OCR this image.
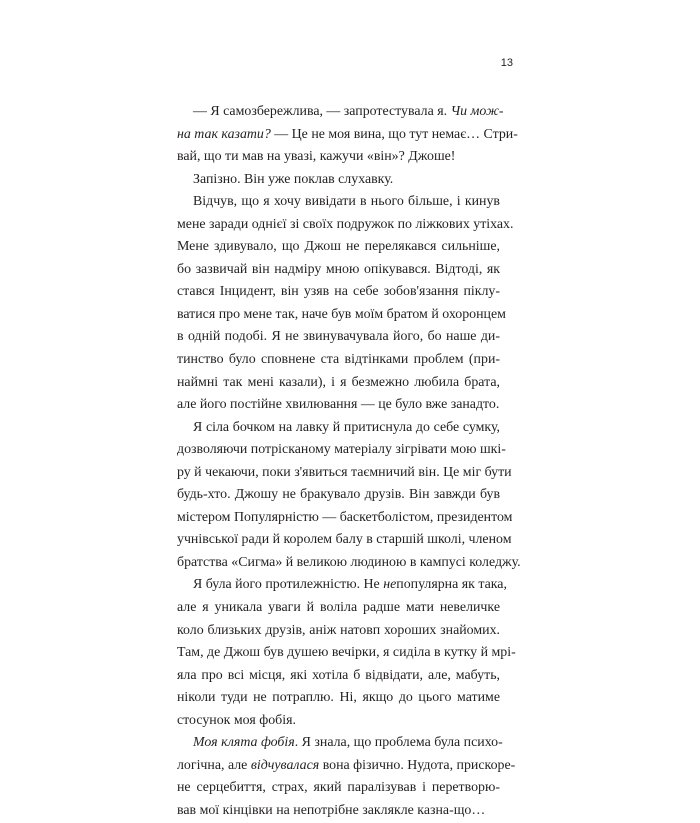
13
— Я самозбережлива, — запротестувала я. Чи мож-
на так казати? — Це не моя вина, що тут немає… Стри-
вай, що ти мав на увазі, кажучи «він»? Джоше!
Запізно. Він уже поклав слухавку.
Відчув, що я хочу вивідати в нього більше, і кинув
мене заради однієї зі своїх подружок по ліжкових утіхах.
Мене здивувало, що Джош не перелякався сильніше,
бо зазвичай він надміру мною опікувався. Відтоді, як
стався Інцидент, він узяв на себе зобов'язання піклу-
ватися про мене так, наче був моїм братом й охоронцем
в одній подобі. Я не звинувачувала його, бо наше ди-
тинство було сповнене ста відтінками проблем (при-
наймні так мені казали), і я безмежно любила брата,
але його постійне хвилювання — це було вже занадто.
Я сіла бочком на лавку й притиснула до себе сумку,
дозволяючи потрісканому матеріалу зігрівати мою шкі-
ру й чекаючи, поки з'явиться таємничий він. Це міг бути
будь-хто. Джошу не бракувало друзів. Він завжди був
містером Популярністю — баскетболістом, президентом
учнівської ради й королем балу в старшій школі, членом
братства «Сигма» й великою людиною в кампусі коледжу.
Я була його протилежністю. Не непопулярна як така,
але я уникала уваги й воліла радше мати невеличке
коло близьких друзів, аніж натовп хороших знайомих.
Там, де Джош був душею вечірки, я сиділа в кутку й мрі-
яла про всі місця, які хотіла б відвідати, але, мабуть,
ніколи туди не потраплю. Ні, якщо до цього матиме
стосунок моя фобія.
Моя клята фобія. Я знала, що проблема була психо-
логічна, але відчувалася вона фізично. Нудота, прискоре-
не серцебиття, страх, який паралізував і перетворю-
вав мої кінцівки на непотрібне заклякле казна-що…
